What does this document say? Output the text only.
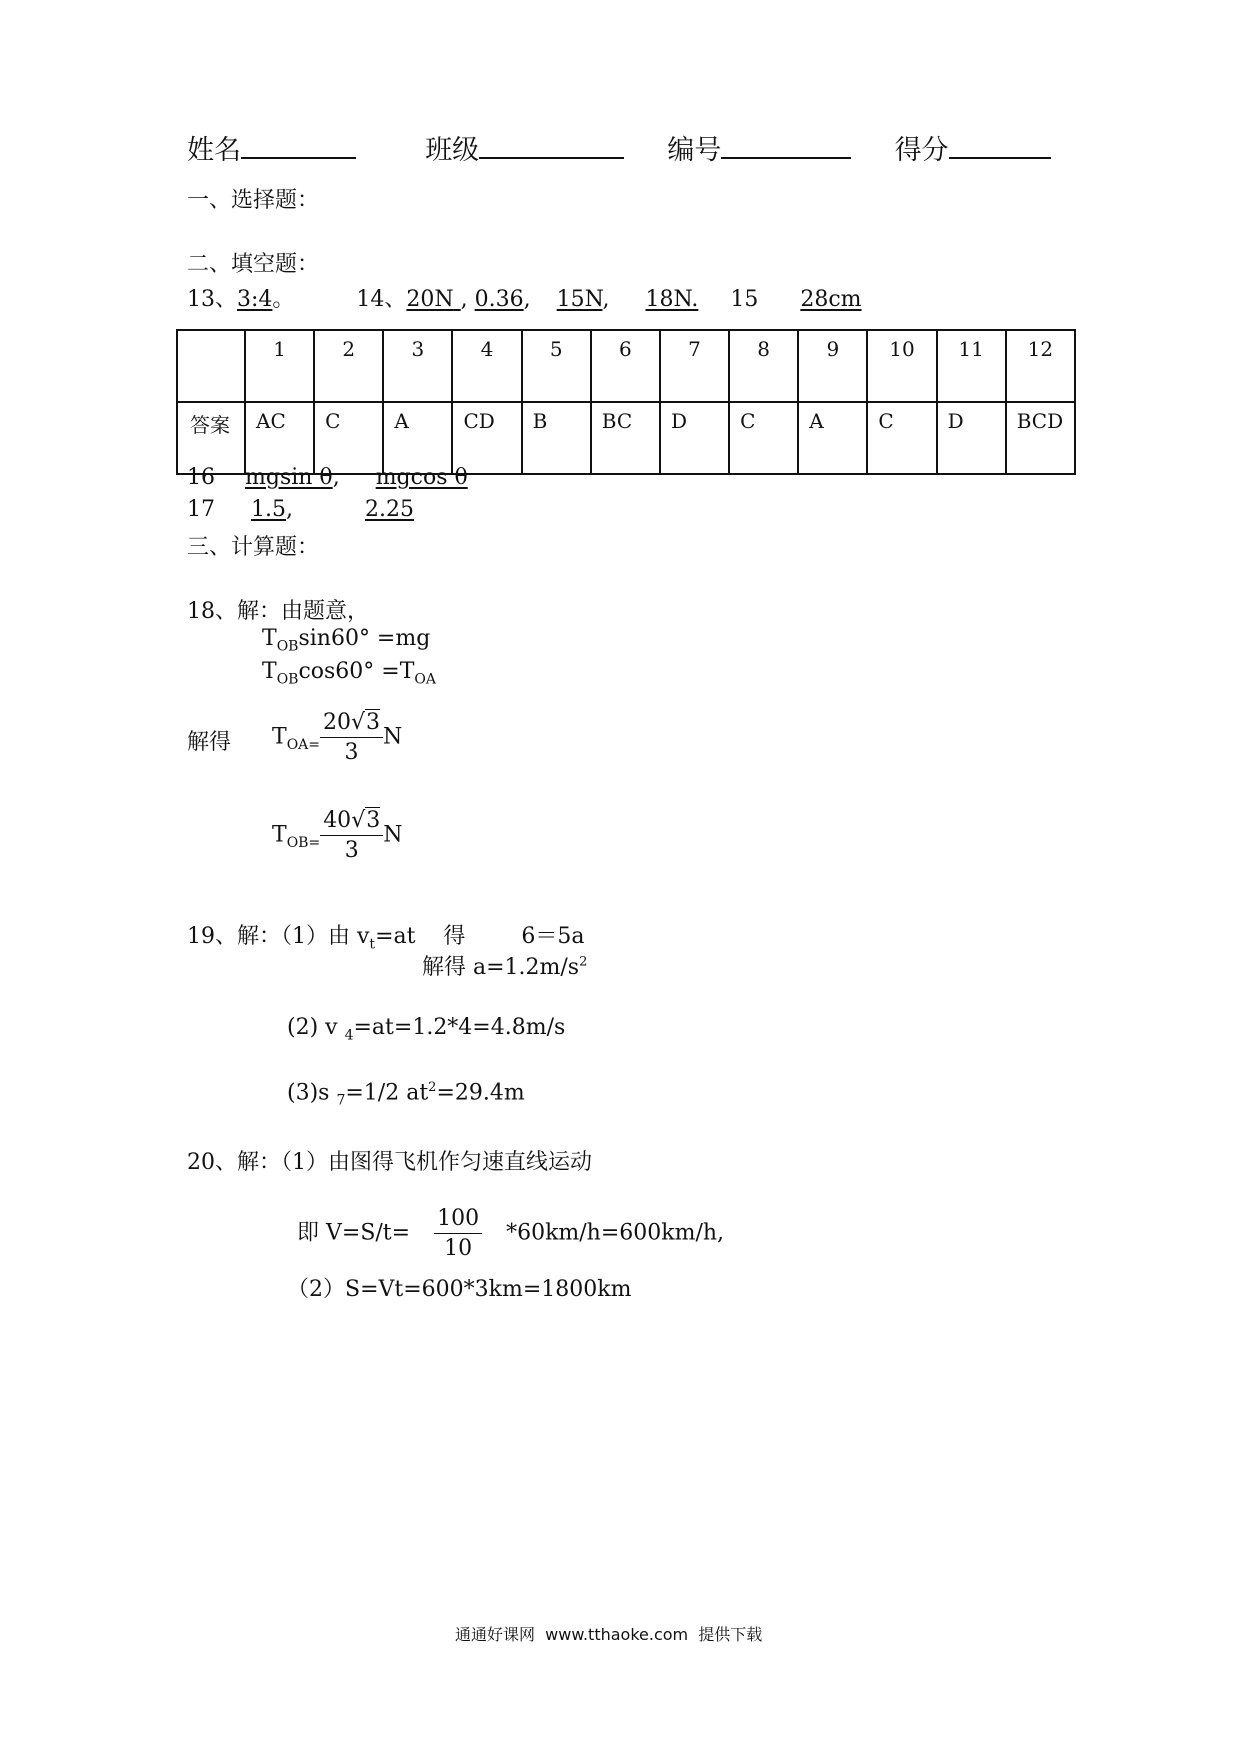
姓名	班级	编号	得分
一、选择题：
二、填空题：
13、3:4。	14、20N , 0.36,  15N,  18N. 15 28cm
	1	2	3	4	5	6	7	8	9	10	11	12
答案	AC	C	A	CD	B	BC	D	C	A	C	D	BCD
16 mgsin θ,  mgcos θ
17 1.5,	2.25
三、计算题：
18、解：由题意，
$T_{OB}\sin 60^\circ =mg$
$T_{OB}\cos 60^\circ =T_{OA}$
解得 $T_{OA=} \frac{20√3}{3}$ N
$T_{OB=} \frac{40√3}{3}$ N
19、解：（1）由 $v_t=at$    得        6＝5a
解得 $a=1.2m/s^2$
(2) v $_4$=at=1.2*4=4.8m/s
(3)s $_7$=1/2 $at^2=29.4m$
20、解：（1）由图得飞机作匀速直线运动
即 $V=S/t= \frac{100}{10} *60km/h=600km/h$,
（2）S=Vt=600*3km=1800km
通通好课网  www.tthaoke.com  提供下载
